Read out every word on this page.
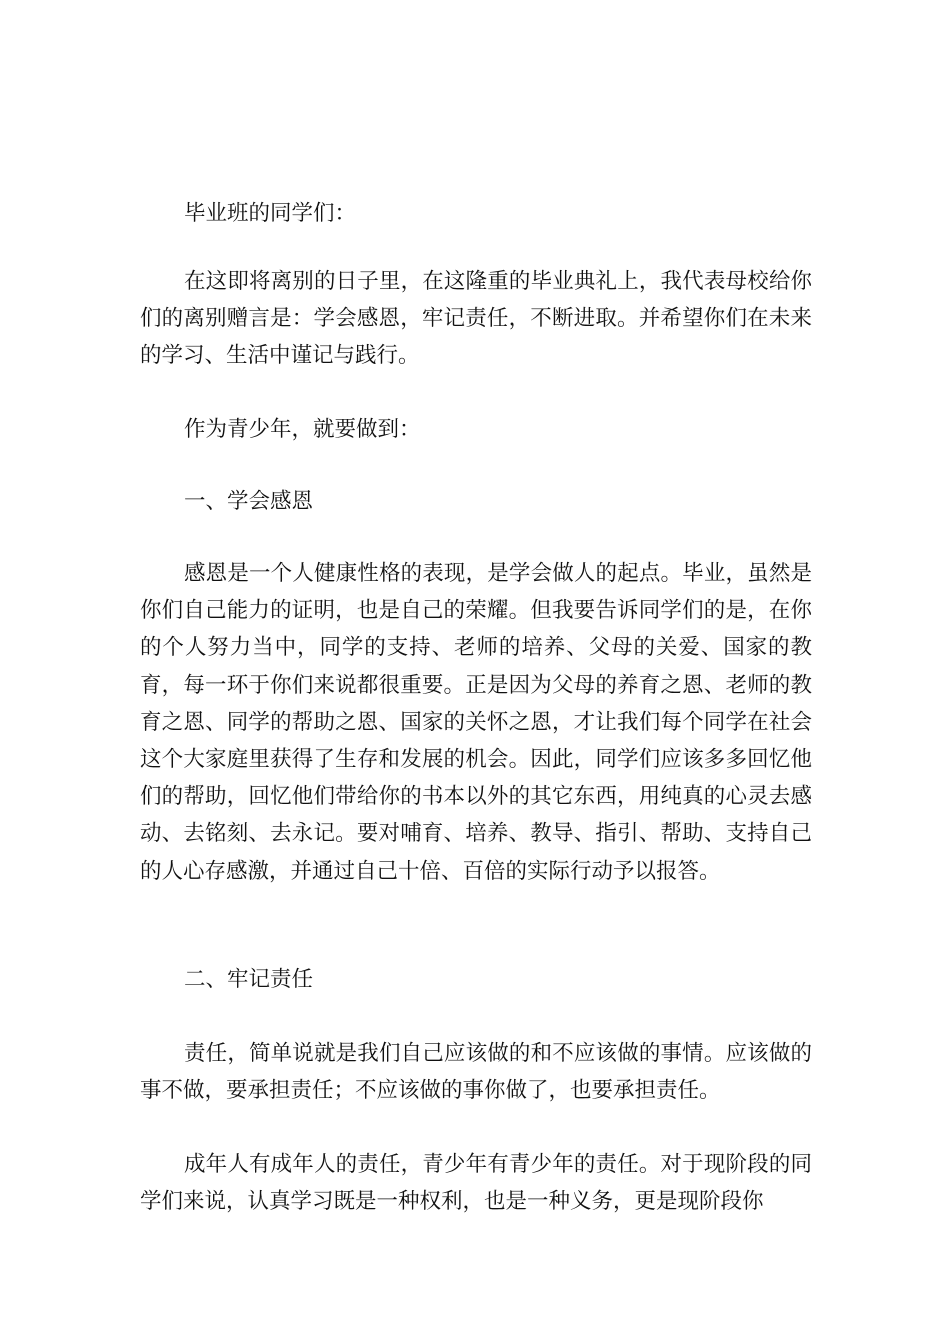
毕业班的同学们：

在这即将离别的日子里，在这隆重的毕业典礼上，我代表母校给你们的离别赠言是：学会感恩，牢记责任，不断进取。并希望你们在未来的学习、生活中谨记与践行。

作为青少年，就要做到：

一、学会感恩

感恩是一个人健康性格的表现，是学会做人的起点。毕业，虽然是你们自己能力的证明，也是自己的荣耀。但我要告诉同学们的是，在你的个人努力当中，同学的支持、老师的培养、父母的关爱、国家的教育，每一环于你们来说都很重要。正是因为父母的养育之恩、老师的教育之恩、同学的帮助之恩、国家的关怀之恩，才让我们每个同学在社会这个大家庭里获得了生存和发展的机会。因此，同学们应该多多回忆他们的帮助，回忆他们带给你的书本以外的其它东西，用纯真的心灵去感动、去铭刻、去永记。要对哺育、培养、教导、指引、帮助、支持自己的人心存感激，并通过自己十倍、百倍的实际行动予以报答。

二、牢记责任

责任，简单说就是我们自己应该做的和不应该做的事情。应该做的事不做，要承担责任；不应该做的事你做了，也要承担责任。

成年人有成年人的责任，青少年有青少年的责任。对于现阶段的同学们来说，认真学习既是一种权利，也是一种义务，更是现阶段你
